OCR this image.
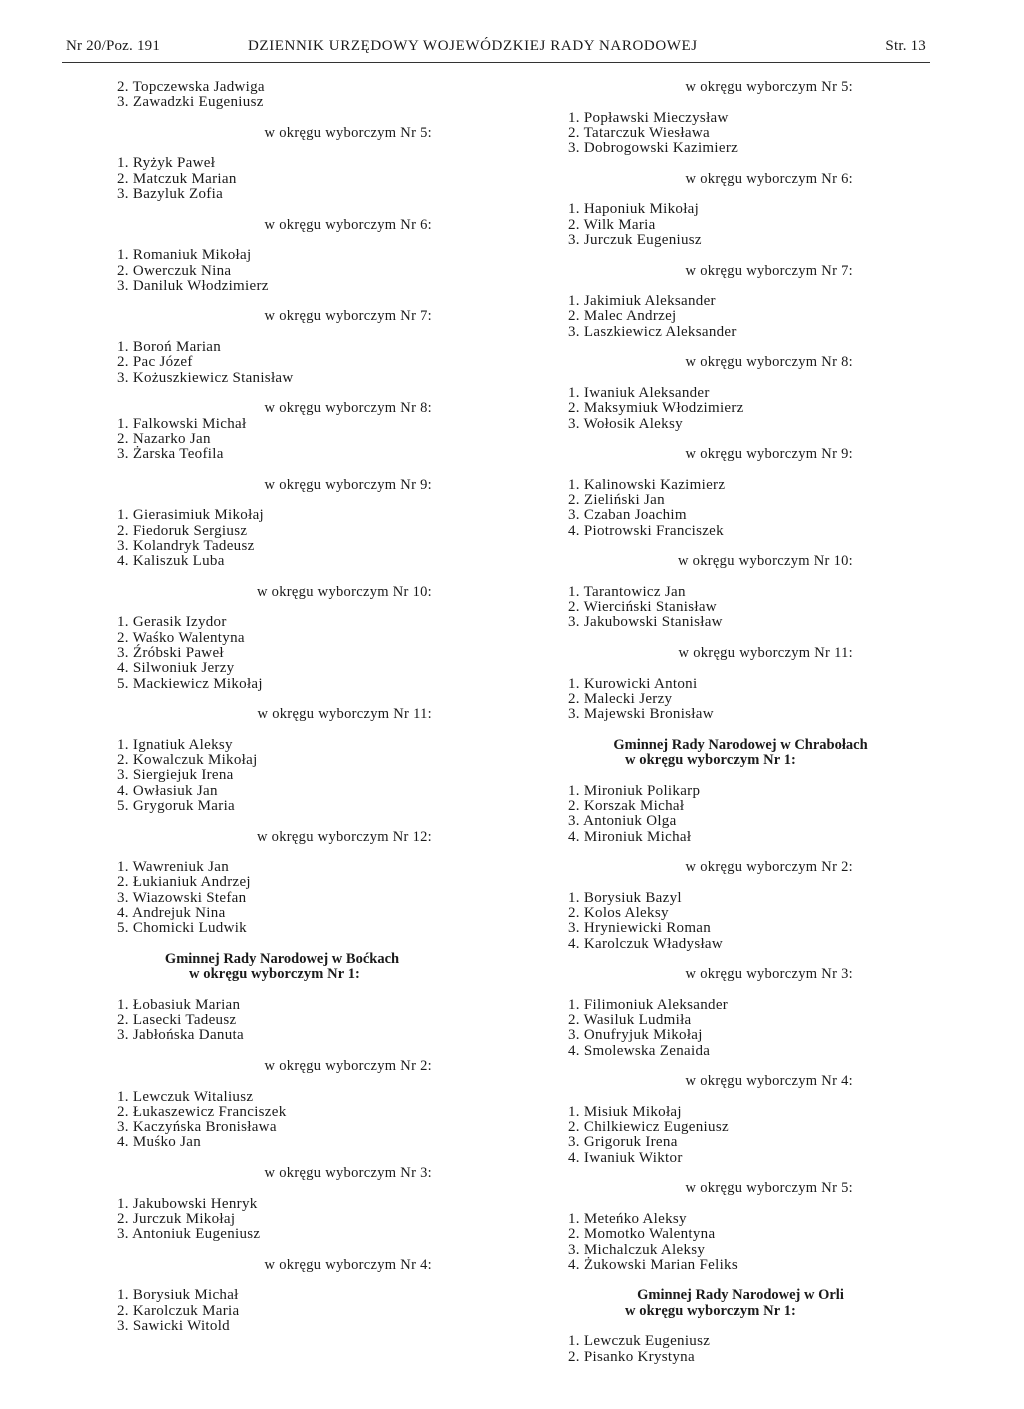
Nr 20/Poz. 191	DZIENNIK URZĘDOWY WOJEWÓDZKIEJ RADY NARODOWEJ	Str. 13
2. Topczewska Jadwiga
3. Zawadzki Eugeniusz
w okręgu wyborczym Nr 5:
1. Ryżyk Paweł
2. Matczuk Marian
3. Bazyluk Zofia
w okręgu wyborczym Nr 6:
1. Romaniuk Mikołaj
2. Owerczuk Nina
3. Daniluk Włodzimierz
w okręgu wyborczym Nr 7:
1. Boroń Marian
2. Pac Józef
3. Kożuszkiewicz Stanisław
w okręgu wyborczym Nr 8:
1. Falkowski Michał
2. Nazarko Jan
3. Żarska Teofila
w okręgu wyborczym Nr 9:
1. Gierasimiuk Mikołaj
2. Fiedoruk Sergiusz
3. Kolandryk Tadeusz
4. Kaliszuk Luba
w okręgu wyborczym Nr 10:
1. Gerasik Izydor
2. Waśko Walentyna
3. Źróbski Paweł
4. Silwoniuk Jerzy
5. Mackiewicz Mikołaj
w okręgu wyborczym Nr 11:
1. Ignatiuk Aleksy
2. Kowalczuk Mikołaj
3. Siergiejuk Irena
4. Owłasiuk Jan
5. Grygoruk Maria
w okręgu wyborczym Nr 12:
1. Wawreniuk Jan
2. Łukianiuk Andrzej
3. Wiazowski Stefan
4. Andrejuk Nina
5. Chomicki Ludwik
Gminnej Rady Narodowej w Boćkach
w okręgu wyborczym Nr 1:
1. Łobasiuk Marian
2. Lasecki Tadeusz
3. Jabłońska Danuta
w okręgu wyborczym Nr 2:
1. Lewczuk Witaliusz
2. Łukaszewicz Franciszek
3. Kaczyńska Bronisława
4. Muśko Jan
w okręgu wyborczym Nr 3:
1. Jakubowski Henryk
2. Jurczuk Mikołaj
3. Antoniuk Eugeniusz
w okręgu wyborczym Nr 4:
1. Borysiuk Michał
2. Karolczuk Maria
3. Sawicki Witold
w okręgu wyborczym Nr 5:
1. Popławski Mieczysław
2. Tatarczuk Wiesława
3. Dobrogowski Kazimierz
w okręgu wyborczym Nr 6:
1. Haponiuk Mikołaj
2. Wilk Maria
3. Jurczuk Eugeniusz
w okręgu wyborczym Nr 7:
1. Jakimiuk Aleksander
2. Malec Andrzej
3. Laszkiewicz Aleksander
w okręgu wyborczym Nr 8:
1. Iwaniuk Aleksander
2. Maksymiuk Włodzimierz
3. Wołosik Aleksy
w okręgu wyborczym Nr 9:
1. Kalinowski Kazimierz
2. Zieliński Jan
3. Czaban Joachim
4. Piotrowski Franciszek
w okręgu wyborczym Nr 10:
1. Tarantowicz Jan
2. Wierciński Stanisław
3. Jakubowski Stanisław
w okręgu wyborczym Nr 11:
1. Kurowicki Antoni
2. Malecki Jerzy
3. Majewski Bronisław
Gminnej Rady Narodowej w Chrabołach
w okręgu wyborczym Nr 1:
1. Mironiuk Polikarp
2. Korszak Michał
3. Antoniuk Olga
4. Mironiuk Michał
w okręgu wyborczym Nr 2:
1. Borysiuk Bazyl
2. Kolos Aleksy
3. Hryniewicki Roman
4. Karolczuk Władysław
w okręgu wyborczym Nr 3:
1. Filimoniuk Aleksander
2. Wasiluk Ludmiła
3. Onufryjuk Mikołaj
4. Smolewska Zenaida
w okręgu wyborczym Nr 4:
1. Misiuk Mikołaj
2. Chilkiewicz Eugeniusz
3. Grigoruk Irena
4. Iwaniuk Wiktor
w okręgu wyborczym Nr 5:
1. Meteńko Aleksy
2. Momotko Walentyna
3. Michalczuk Aleksy
4. Żukowski Marian Feliks
Gminnej Rady Narodowej w Orli
w okręgu wyborczym Nr 1:
1. Lewczuk Eugeniusz
2. Pisanko Krystyna
